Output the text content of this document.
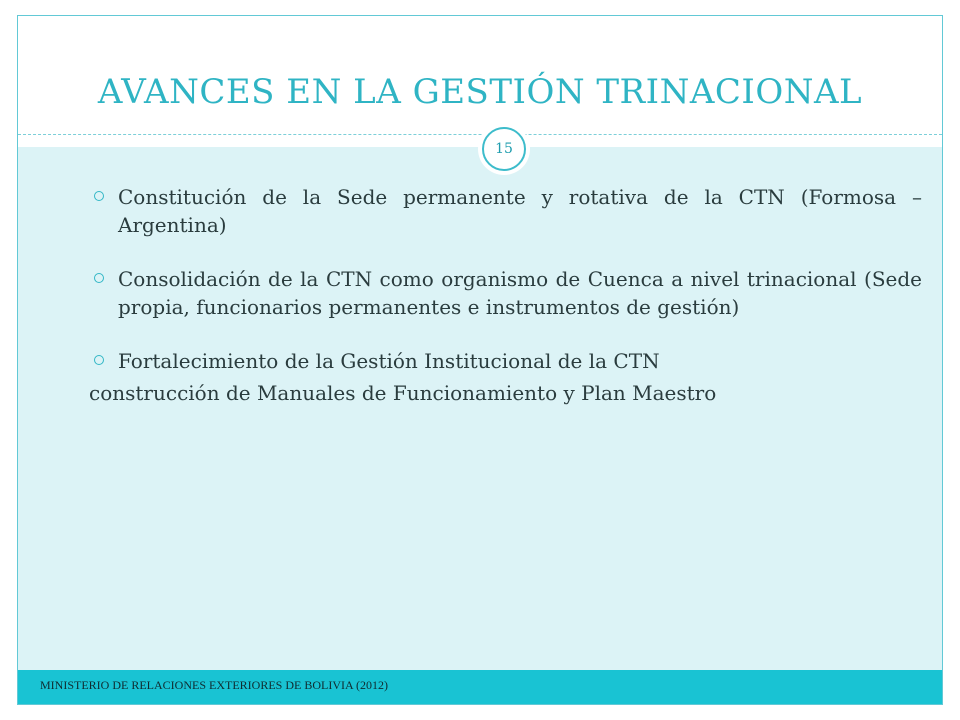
AVANCES EN LA GESTIÓN TRINACIONAL
15
Constitución de la Sede permanente y rotativa de la CTN (Formosa – Argentina)
Consolidación de la CTN como organismo de Cuenca a nivel trinacional (Sede propia, funcionarios permanentes e instrumentos de gestión)
Fortalecimiento de la Gestión Institucional de la CTN
construcción de Manuales de Funcionamiento y Plan Maestro
MINISTERIO DE RELACIONES EXTERIORES DE BOLIVIA (2012)
